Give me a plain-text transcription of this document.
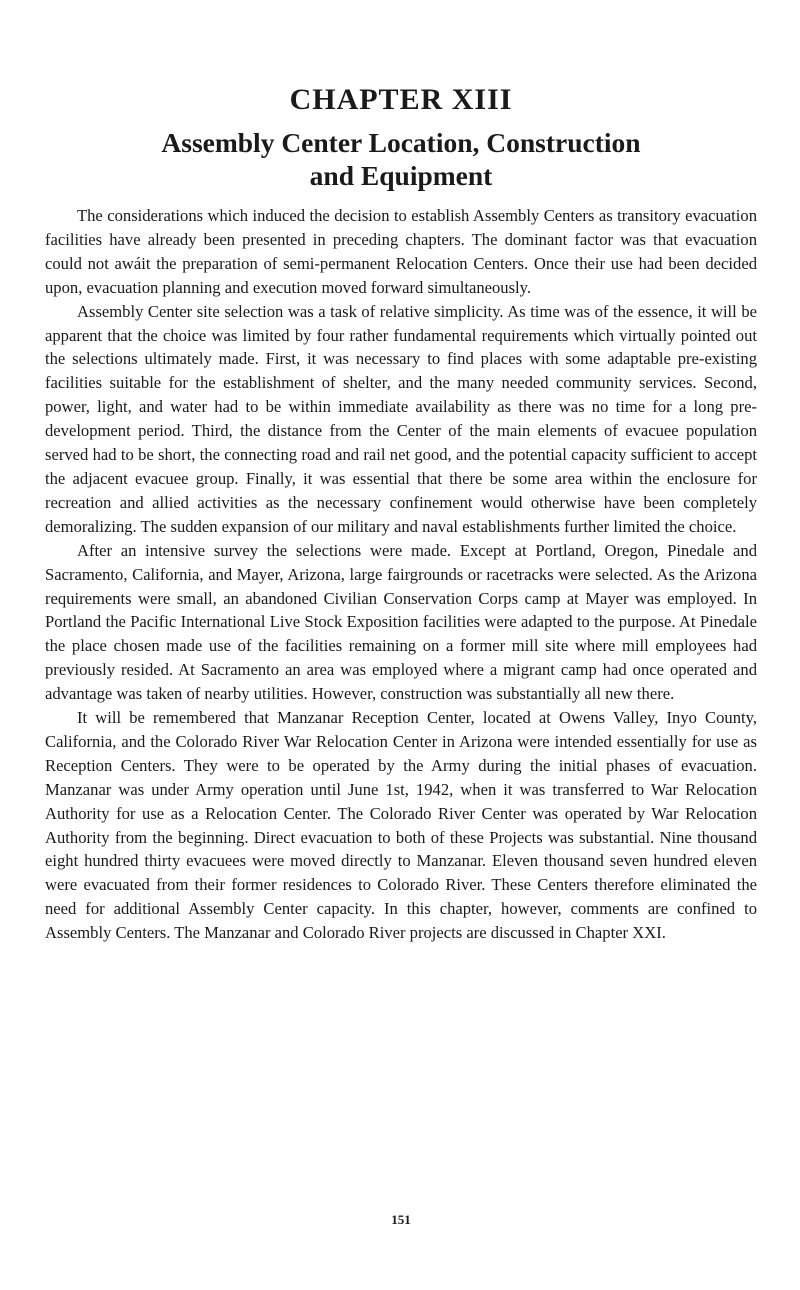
CHAPTER XIII
Assembly Center Location, Construction
and Equipment

The considerations which induced the decision to establish Assembly Centers as transitory evacuation facilities have already been presented in preceding chapters. The dominant factor was that evacuation could not awáit the preparation of semi-permanent Relocation Centers. Once their use had been decided upon, evacuation planning and execution moved forward simultaneously.

Assembly Center site selection was a task of relative simplicity. As time was of the essence, it will be apparent that the choice was limited by four rather fundamental requirements which virtually pointed out the selections ultimately made. First, it was necessary to find places with some adaptable pre-existing facilities suitable for the establishment of shelter, and the many needed community services. Second, power, light, and water had to be within immediate availability as there was no time for a long pre-development period. Third, the distance from the Center of the main elements of evacuee population served had to be short, the connecting road and rail net good, and the potential capacity sufficient to accept the adjacent evacuee group. Finally, it was essential that there be some area within the enclosure for recreation and allied activities as the necessary confinement would otherwise have been completely demoralizing. The sudden expansion of our military and naval establishments further limited the choice.

After an intensive survey the selections were made. Except at Portland, Oregon, Pinedale and Sacramento, California, and Mayer, Arizona, large fairgrounds or racetracks were selected. As the Arizona requirements were small, an abandoned Civilian Conservation Corps camp at Mayer was employed. In Portland the Pacific International Live Stock Exposition facilities were adapted to the purpose. At Pinedale the place chosen made use of the facilities remaining on a former mill site where mill employees had previously resided. At Sacramento an area was employed where a migrant camp had once operated and advantage was taken of nearby utilities. However, construction was substantially all new there.

It will be remembered that Manzanar Reception Center, located at Owens Valley, Inyo County, California, and the Colorado River War Relocation Center in Arizona were intended essentially for use as Reception Centers. They were to be operated by the Army during the initial phases of evacuation. Manzanar was under Army operation until June 1st, 1942, when it was transferred to War Relocation Authority for use as a Relocation Center. The Colorado River Center was operated by War Relocation Authority from the beginning. Direct evacuation to both of these Projects was substantial. Nine thousand eight hundred thirty evacuees were moved directly to Manzanar. Eleven thousand seven hundred eleven were evacuated from their former residences to Colorado River. These Centers therefore eliminated the need for additional Assembly Center capacity. In this chapter, however, comments are confined to Assembly Centers. The Manzanar and Colorado River projects are discussed in Chapter XXI.

151
